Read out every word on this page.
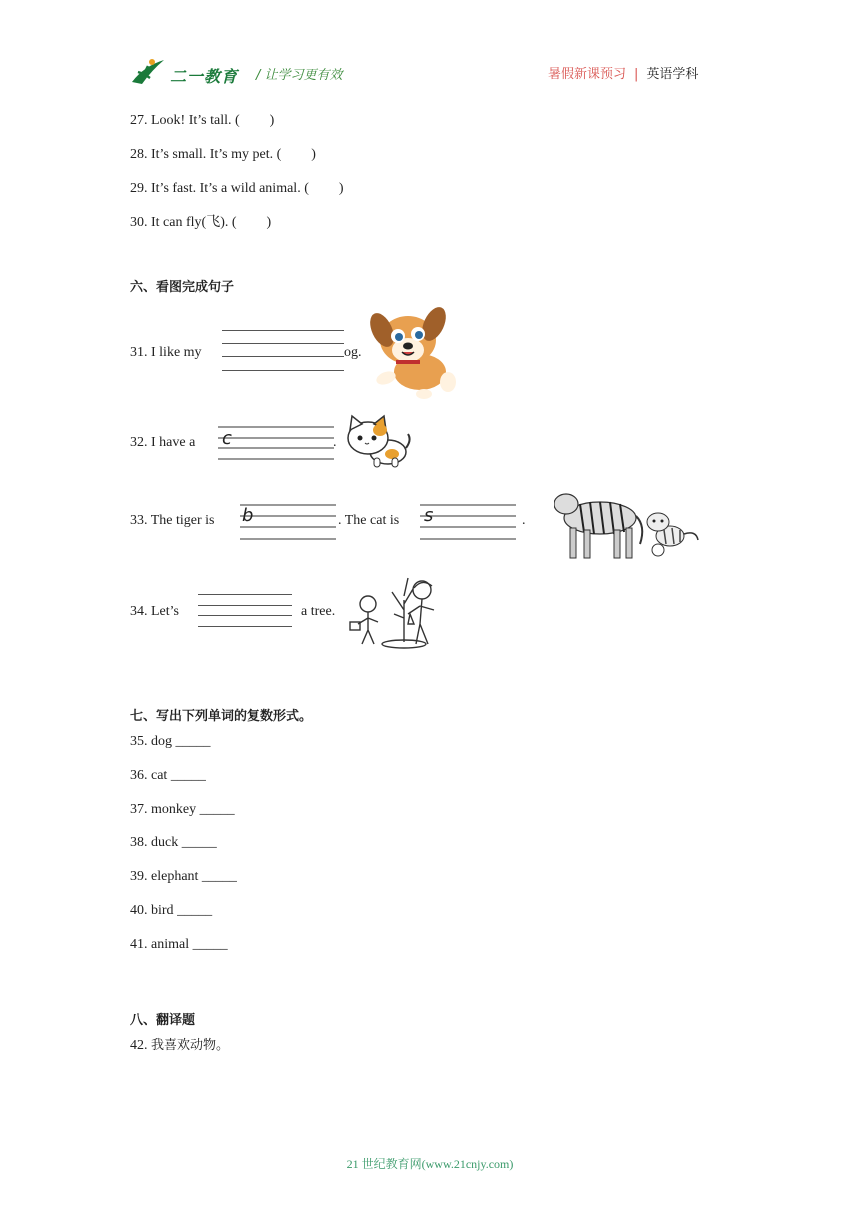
二一教育 / 让学习更有效	暑假新课预习 | 英语学科
27. Look! It’s tall. ( )
28. It’s small. It’s my pet. ( )
29. It’s fast. It’s a wild animal. ( )
30. It can fly(飞). ( )
六、看图完成句子
31. I like my	og.
32. I have a c	.
33. The tiger is b	. The cat is s	.
34. Let’s	a tree.
七、写出下列单词的复数形式。
35. dog _____
36. cat _____
37. monkey _____
38. duck _____
39. elephant _____
40. bird _____
41. animal _____
八、翻译题
42. 我喜欢动物。
21 世纪教育网(www.21cnjy.com)
